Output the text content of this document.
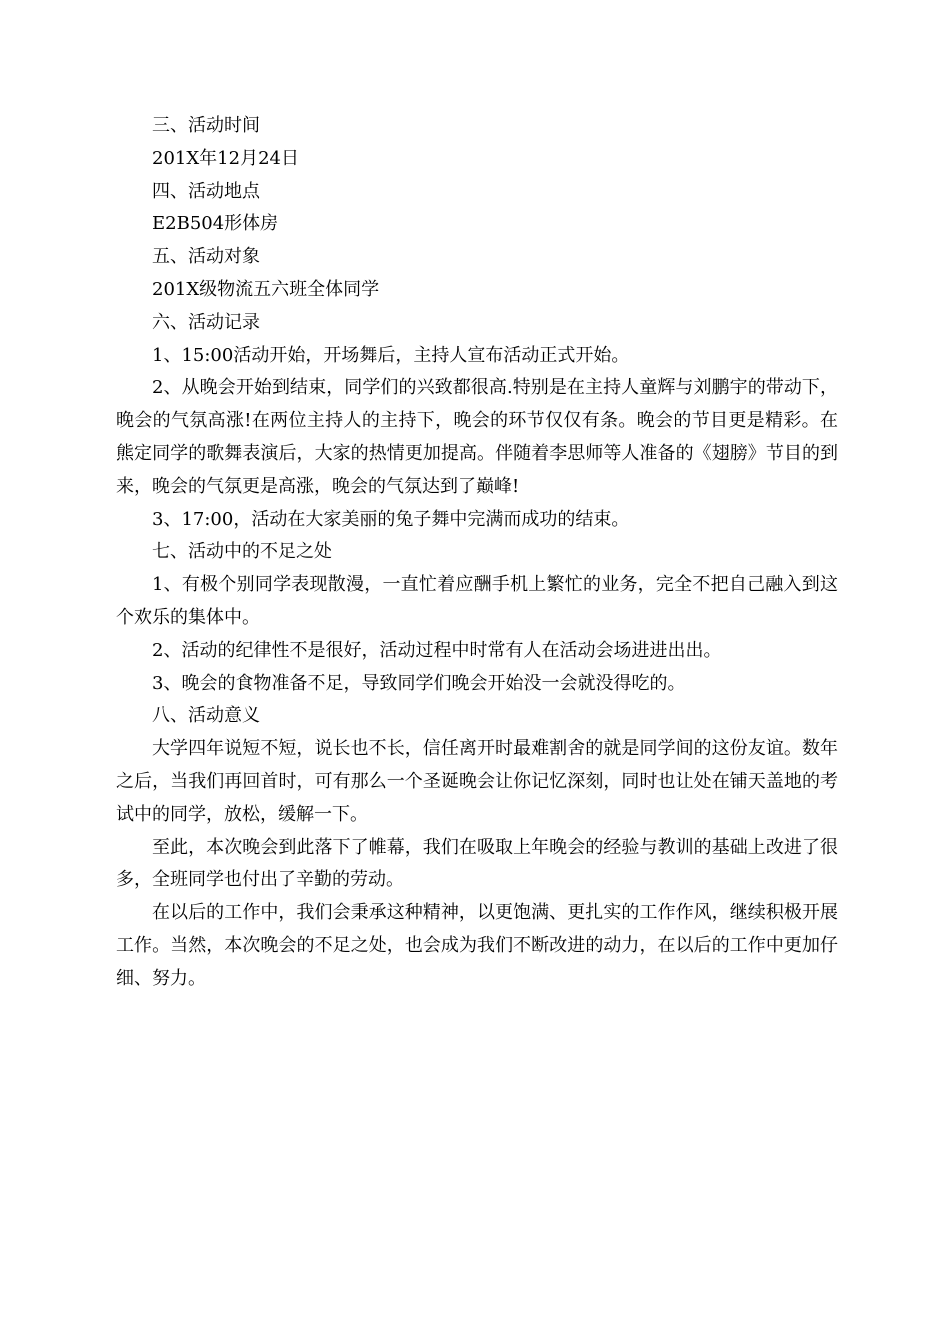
三、活动时间

201X年12月24日

四、活动地点

E2B504形体房

五、活动对象

201X级物流五六班全体同学

六、活动记录

1、15:00活动开始，开场舞后，主持人宣布活动正式开始。

2、从晚会开始到结束，同学们的兴致都很高.特别是在主持人童辉与刘鹏宇的带动下，晚会的气氛高涨!在两位主持人的主持下，晚会的环节仅仅有条。晚会的节目更是精彩。在熊定同学的歌舞表演后，大家的热情更加提高。伴随着李思师等人准备的《翅膀》节目的到来，晚会的气氛更是高涨，晚会的气氛达到了巅峰!

3、17:00，活动在大家美丽的兔子舞中完满而成功的结束。

七、活动中的不足之处

1、有极个别同学表现散漫，一直忙着应酬手机上繁忙的业务，完全不把自己融入到这个欢乐的集体中。

2、活动的纪律性不是很好，活动过程中时常有人在活动会场进进出出。

3、晚会的食物准备不足，导致同学们晚会开始没一会就没得吃的。

八、活动意义

大学四年说短不短，说长也不长，信任离开时最难割舍的就是同学间的这份友谊。数年之后，当我们再回首时，可有那么一个圣诞晚会让你记忆深刻，同时也让处在铺天盖地的考试中的同学，放松，缓解一下。

至此，本次晚会到此落下了帷幕，我们在吸取上年晚会的经验与教训的基础上改进了很多，全班同学也付出了辛勤的劳动。

在以后的工作中，我们会秉承这种精神，以更饱满、更扎实的工作作风，继续积极开展工作。当然，本次晚会的不足之处，也会成为我们不断改进的动力，在以后的工作中更加仔细、努力。
